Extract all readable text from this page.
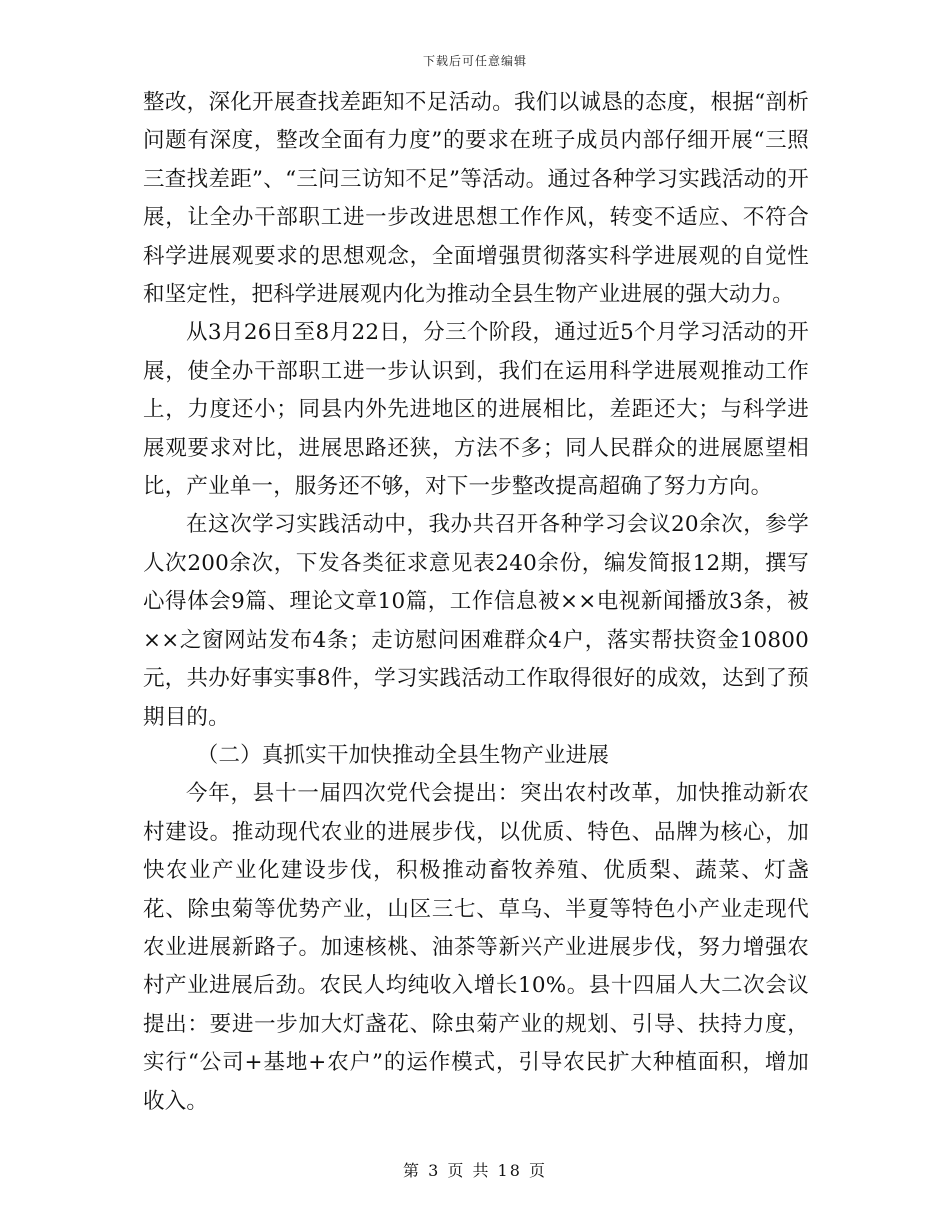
下载后可任意编辑

整改，深化开展查找差距知不足活动。我们以诚恳的态度，根据“剖析问题有深度，整改全面有力度”的要求在班子成员内部仔细开展“三照三查找差距”、“三问三访知不足”等活动。通过各种学习实践活动的开展，让全办干部职工进一步改进思想工作作风，转变不适应、不符合科学进展观要求的思想观念，全面增强贯彻落实科学进展观的自觉性和坚定性，把科学进展观内化为推动全县生物产业进展的强大动力。

从3月26日至8月22日，分三个阶段，通过近5个月学习活动的开展，使全办干部职工进一步认识到，我们在运用科学进展观推动工作上，力度还小；同县内外先进地区的进展相比，差距还大；与科学进展观要求对比，进展思路还狭，方法不多；同人民群众的进展愿望相比，产业单一，服务还不够，对下一步整改提高超确了努力方向。

在这次学习实践活动中，我办共召开各种学习会议20余次，参学人次200余次，下发各类征求意见表240余份，编发简报12期，撰写心得体会9篇、理论文章10篇，工作信息被××电视新闻播放3条，被××之窗网站发布4条；走访慰问困难群众4户，落实帮扶资金10800元，共办好事实事8件，学习实践活动工作取得很好的成效，达到了预期目的。

（二）真抓实干加快推动全县生物产业进展

今年，县十一届四次党代会提出：突出农村改革，加快推动新农村建设。推动现代农业的进展步伐，以优质、特色、品牌为核心，加快农业产业化建设步伐，积极推动畜牧养殖、优质梨、蔬菜、灯盏花、除虫菊等优势产业，山区三七、草乌、半夏等特色小产业走现代农业进展新路子。加速核桃、油茶等新兴产业进展步伐，努力增强农村产业进展后劲。农民人均纯收入增长10%。县十四届人大二次会议提出：要进一步加大灯盏花、除虫菊产业的规划、引导、扶持力度，实行“公司+基地+农户”的运作模式，引导农民扩大种植面积，增加收入。

第 3 页 共 18 页
